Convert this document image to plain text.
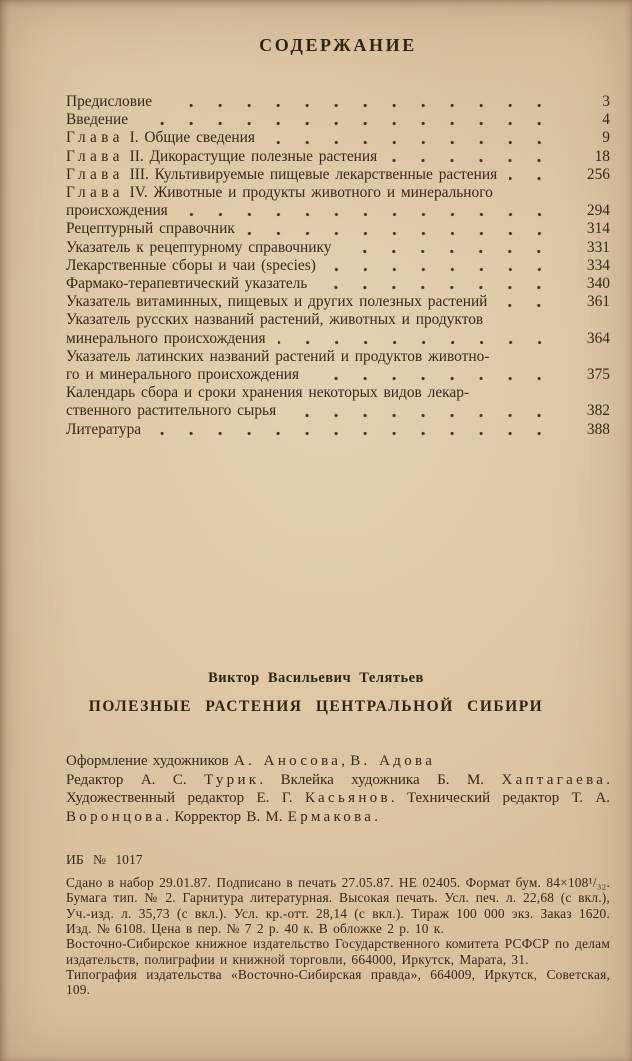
СОДЕРЖАНИЕ
Предисловие	3
Введение	4
Глава I. Общие сведения	9
Глава II. Дикорастущие полезные растения	18
Глава III. Культивируемые пищевые лекарственные растения	256
Глава IV. Животные и продукты животного и минерального
происхождения	294
Рецептурный справочник	314
Указатель к рецептурному справочнику	331
Лекарственные сборы и чаи (species)	334
Фармако-терапевтический указатель	340
Указатель витаминных, пищевых и других полезных растений	361
Указатель русских названий растений, животных и продуктов
минерального происхождения	364
Указатель латинских названий растений и продуктов животно-
го и минерального происхождения	375
Календарь сбора и сроки хранения некоторых видов лекар-
ственного растительного сырья	382
Литература	388
Виктор Васильевич Телятьев
ПОЛЕЗНЫЕ РАСТЕНИЯ ЦЕНТРАЛЬНОЙ СИБИРИ

Оформление художников А. Аносова, В. Адова

Редактор А. С. Турик. Вклейка художника Б. М. Хаптагаева. Художественный редактор Е. Г. Касьянов. Технический редактор Т. А. Воронцова. Корректор В. М. Ермакова.

ИБ № 1017

Сдано в набор 29.01.87. Подписано в печать 27.05.87. НЕ 02405. Формат бум. 84×108¹/₃₂. Бумага тип. № 2. Гарнитура литературная. Высокая печать. Усл. печ. л. 22,68 (с вкл.), Уч.-изд. л. 35,73 (с вкл.). Усл. кр.-отт. 28,14 (с вкл.). Тираж 100 000 экз. Заказ 1620. Изд. № 6108. Цена в пер. № 7 2 р. 40 к. В обложке 2 р. 10 к.

Восточно-Сибирское книжное издательство Государственного комитета РСФСР по делам издательств, полиграфии и книжной торговли, 664000, Иркутск, Марата, 31.

Типография издательства «Восточно-Сибирская правда», 664009, Иркутск, Советская, 109.
